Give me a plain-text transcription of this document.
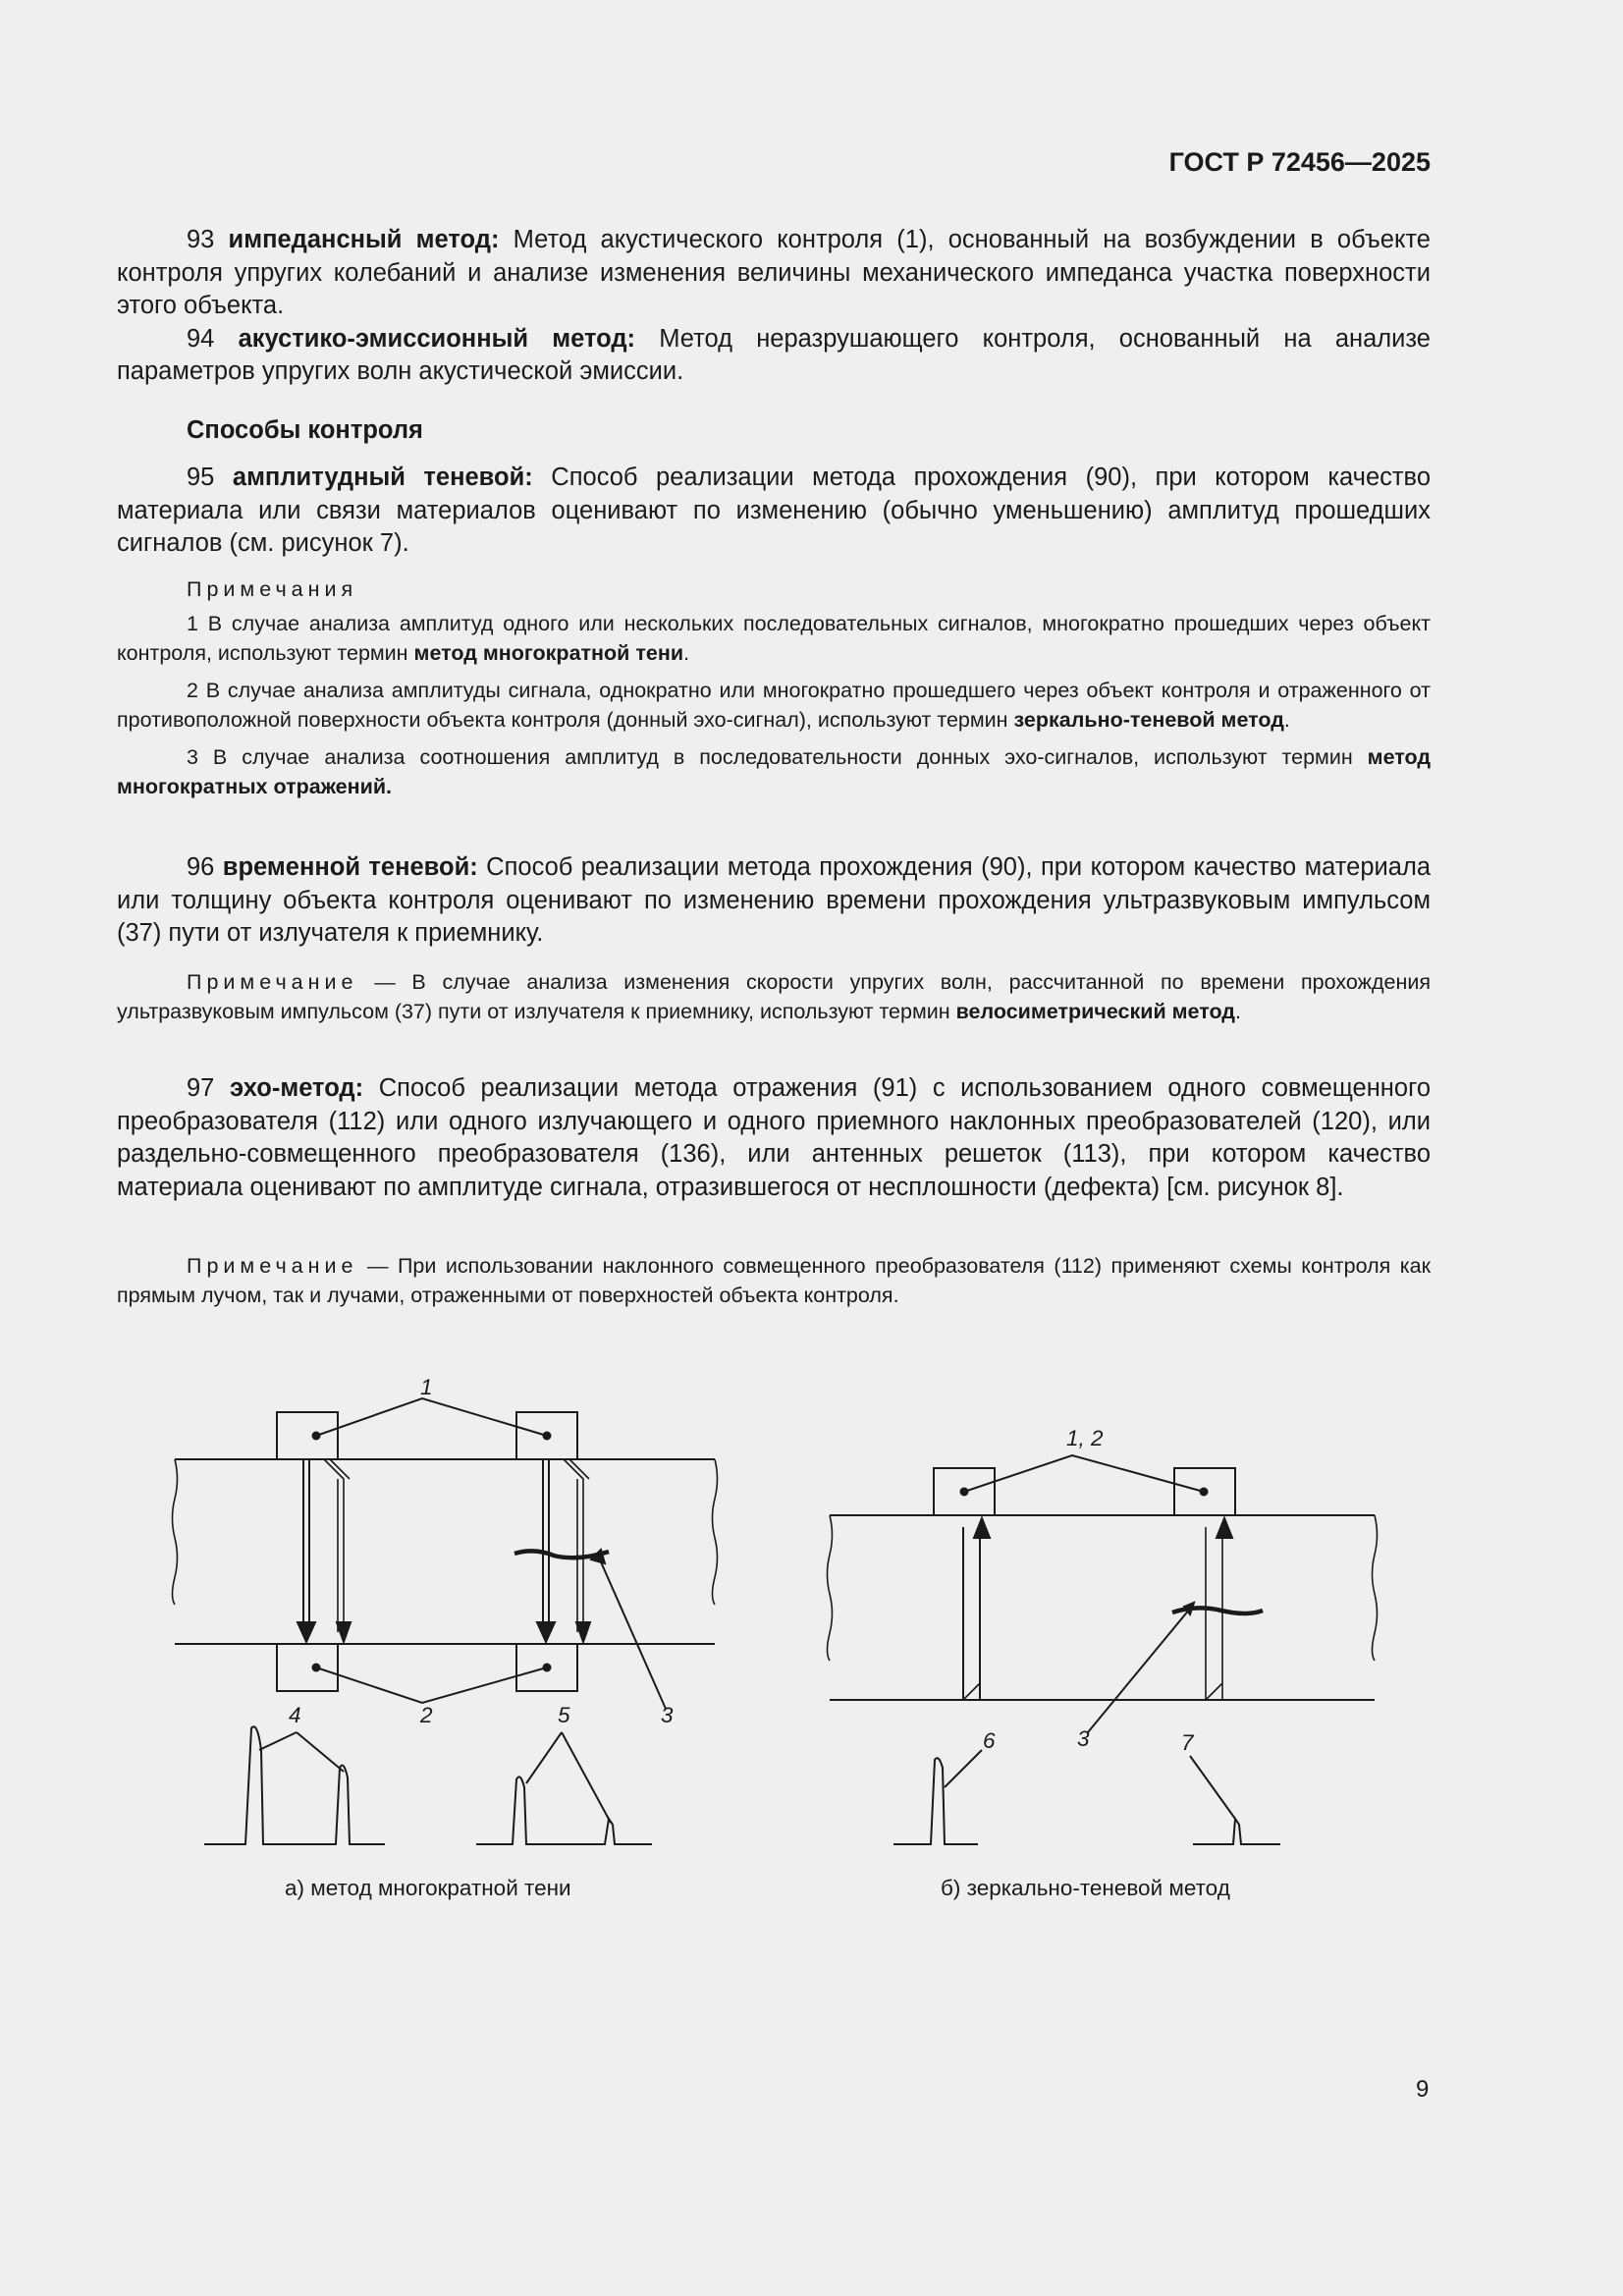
ГОСТ Р 72456—2025

93 импедансный метод: Метод акустического контроля (1), основанный на возбуждении в объекте контроля упругих колебаний и анализе изменения величины механического импеданса участка поверхности этого объекта.

94 акустико-эмиссионный метод: Метод неразрушающего контроля, основанный на анализе параметров упругих волн акустической эмиссии.

Способы контроля

95 амплитудный теневой: Способ реализации метода прохождения (90), при котором качество материала или связи материалов оценивают по изменению (обычно уменьшению) амплитуд прошедших сигналов (см. рисунок 7).

Примечания

1 В случае анализа амплитуд одного или нескольких последовательных сигналов, многократно прошедших через объект контроля, используют термин метод многократной тени.

2 В случае анализа амплитуды сигнала, однократно или многократно прошедшего через объект контроля и отраженного от противоположной поверхности объекта контроля (донный эхо-сигнал), используют термин зеркально-теневой метод.

3 В случае анализа соотношения амплитуд в последовательности донных эхо-сигналов, используют термин метод многократных отражений.

96 временной теневой: Способ реализации метода прохождения (90), при котором качество материала или толщину объекта контроля оценивают по изменению времени прохождения ультразвуковым импульсом (37) пути от излучателя к приемнику.

Примечание — В случае анализа изменения скорости упругих волн, рассчитанной по времени прохождения ультразвуковым импульсом (37) пути от излучателя к приемнику, используют термин велосиметрический метод.

97 эхо-метод: Способ реализации метода отражения (91) с использованием одного совмещенного преобразователя (112) или одного излучающего и одного приемного наклонных преобразователей (120), или раздельно-совмещенного преобразователя (136), или антенных решеток (113), при котором качество материала оценивают по амплитуде сигнала, отразившегося от несплошности (дефекта) [см. рисунок 8].

Примечание — При использовании наклонного совмещенного преобразователя (112) применяют схемы контроля как прямым лучом, так и лучами, отраженными от поверхностей объекта контроля.

1
2	3
4	5
1, 2
3
6	7
а) метод многократной тени	б) зеркально-теневой метод
9
